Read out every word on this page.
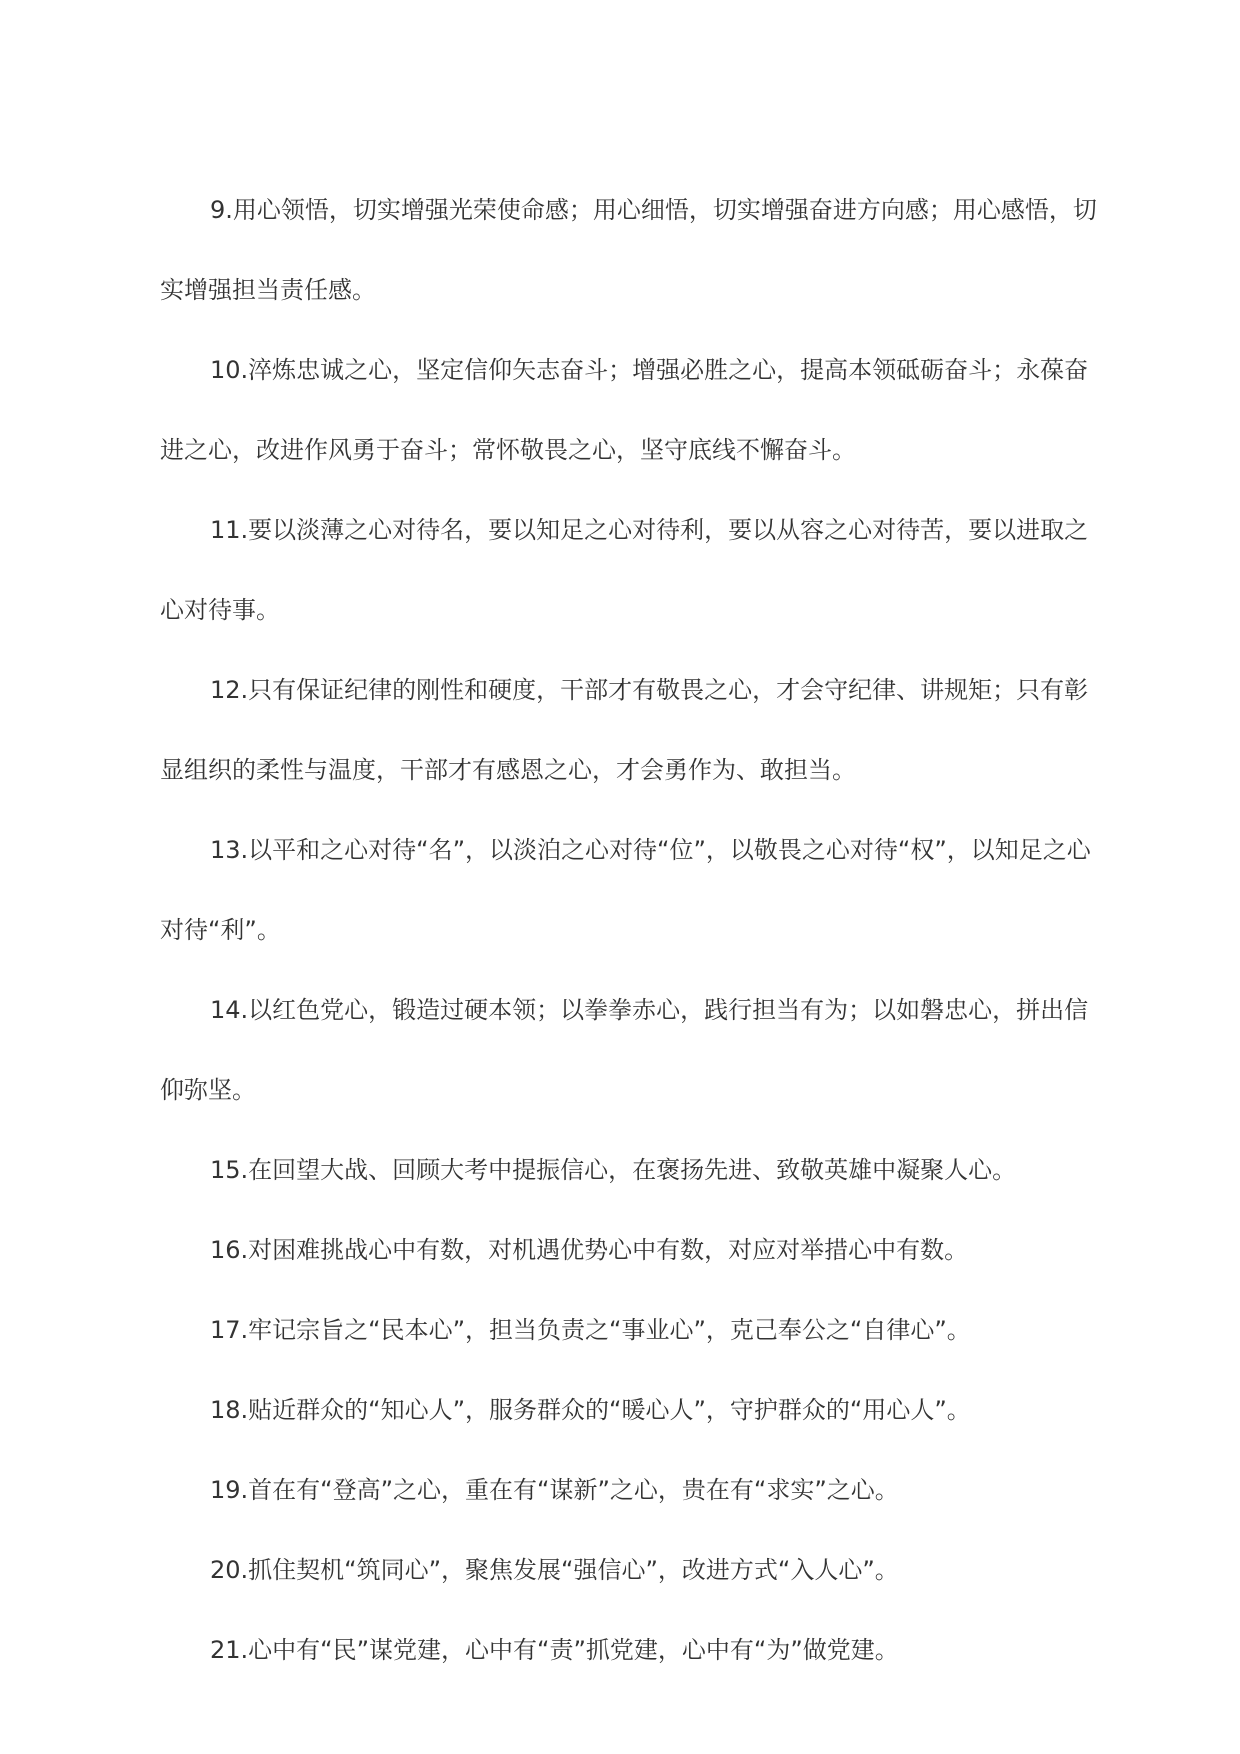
9.用心领悟，切实增强光荣使命感；用心细悟，切实增强奋进方向感；用心感悟，切实增强担当责任感。

10.淬炼忠诚之心，坚定信仰矢志奋斗；增强必胜之心，提高本领砥砺奋斗；永葆奋进之心，改进作风勇于奋斗；常怀敬畏之心，坚守底线不懈奋斗。

11.要以淡薄之心对待名，要以知足之心对待利，要以从容之心对待苦，要以进取之心对待事。

12.只有保证纪律的刚性和硬度，干部才有敬畏之心，才会守纪律、讲规矩；只有彰显组织的柔性与温度，干部才有感恩之心，才会勇作为、敢担当。

13.以平和之心对待“名”，以淡泊之心对待“位”，以敬畏之心对待“权”，以知足之心对待“利”。

14.以红色党心，锻造过硬本领；以拳拳赤心，践行担当有为；以如磐忠心，拼出信仰弥坚。

15.在回望大战、回顾大考中提振信心，在褒扬先进、致敬英雄中凝聚人心。

16.对困难挑战心中有数，对机遇优势心中有数，对应对举措心中有数。

17.牢记宗旨之“民本心”，担当负责之“事业心”，克己奉公之“自律心”。

18.贴近群众的“知心人”，服务群众的“暖心人”，守护群众的“用心人”。

19.首在有“登高”之心，重在有“谋新”之心，贵在有“求实”之心。

20.抓住契机“筑同心”，聚焦发展“强信心”，改进方式“入人心”。

21.心中有“民”谋党建，心中有“责”抓党建，心中有“为”做党建。
